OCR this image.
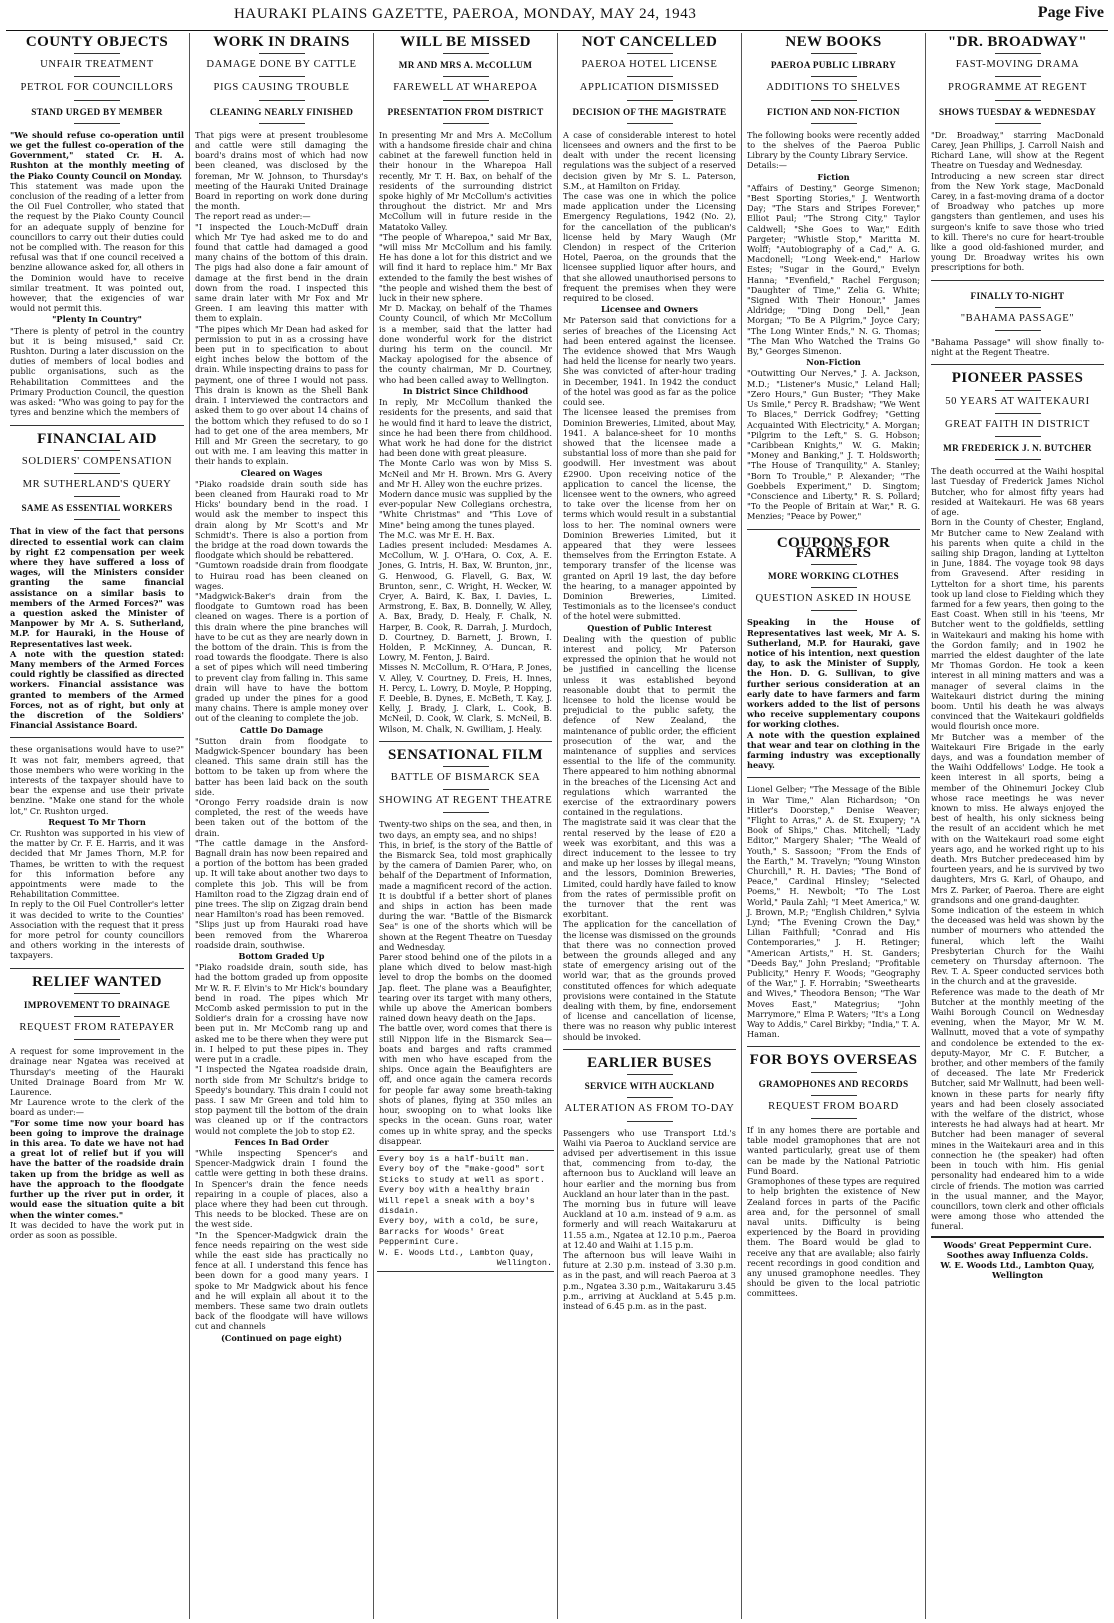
HAURAKI PLAINS GAZETTE, PAEROA, MONDAY, MAY 24, 1943	Page Five
COUNTY OBJECTS
UNFAIR TREATMENT
PETROL FOR COUNCILLORS
STAND URGED BY MEMBER

"We should refuse co-operation until we get the fullest co-operation of the Government," stated Cr. H. A. Rushton at the monthly meeting of the Piako County Council on Monday.

This statement was made upon the conclusion of the reading of a letter from the Oil Fuel Controller, who stated that the request by the Piako County Council for an adequate supply of benzine for councillors to carry out their duties could not be complied with. The reason for this refusal was that if one council received a benzine allowance asked for, all others in the Dominion would have to receive similar treatment. It was pointed out, however, that the exigencies of war would not permit this.

"Plenty In Country"

"There is plenty of petrol in the country but it is being misused," said Cr. Rushton. During a later discussion on the duties of members of local bodies and public organisations, such as the Rehabilitation Committees and the Primary Production Council, the question was asked: "Who was going to pay for the tyres and benzine which the members of

FINANCIAL AID
SOLDIERS' COMPENSATION
MR SUTHERLAND'S QUERY
SAME AS ESSENTIAL WORKERS

That in view of the fact that persons directed to essential work can claim by right £2 compensation per week where they have suffered a loss of wages, will the Ministers consider granting the same financial assistance on a similar basis to members of the Armed Forces?" was a question asked the Minister of Manpower by Mr A. S. Sutherland, M.P. for Hauraki, in the House of Representatives last week.

A note with the question stated: Many members of the Armed Forces could rightly be classified as directed workers. Financial assistance was granted to members of the Armed Forces, not as of right, but only at the discretion of the Soldiers' Financial Assistance Board.

these organisations would have to use?" It was not fair, members agreed, that those members who were working in the interests of the taxpayer should have to bear the expense and use their private benzine. "Make one stand for the whole lot," Cr. Rushton urged.

Request To Mr Thorn

Cr. Rushton was supported in his view of the matter by Cr. F. E. Harris, and it was decided that Mr James Thorn, M.P. for Thames, be written to with the request for this information before any appointments were made to the Rehabilitation Committee.

In reply to the Oil Fuel Controller's letter it was decided to write to the Counties' Association with the request that it press for more petrol for county councillors and others working in the interests of taxpayers.

RELIEF WANTED
IMPROVEMENT TO DRAINAGE
REQUEST FROM RATEPAYER

A request for some improvement in the drainage near Ngatea was received at Thursday's meeting of the Hauraki United Drainage Board from Mr W. Laurence.

Mr Laurence wrote to the clerk of the board as under:—

"For some time now your board has been going to improve the drainage in this area. To date we have not had a great lot of relief but if you will have the batter of the roadside drain taken up from the bridge as well as have the approach to the floodgate further up the river put in order, it would ease the situation quite a bit when the winter comes."

It was decided to have the work put in order as soon as possible.

WORK IN DRAINS
DAMAGE DONE BY CATTLE
PIGS CAUSING TROUBLE
CLEANING NEARLY FINISHED

That pigs were at present troublesome and cattle were still damaging the board's drains most of which had now been cleaned, was disclosed by the foreman, Mr W. Johnson, to Thursday's meeting of the Hauraki United Drainage Board in reporting on work done during the month.

The report read as under:—

"I inspected the Louch-McDuff drain which Mr Tye had asked me to do and found that cattle had damaged a good many chains of the bottom of this drain. The pigs had also done a fair amount of damage at the first bend in the drain down from the road. I inspected this same drain later with Mr Fox and Mr Green. I am leaving this matter with them to explain.

"The pipes which Mr Dean had asked for permission to put in as a crossing have been put in to specification to about eight inches below the bottom of the drain. While inspecting drains to pass for payment, one of three I would not pass. This drain is known as the Shell Bank drain. I interviewed the contractors and asked them to go over about 14 chains of the bottom which they refused to do so I had to get one of the area members, Mr Hill and Mr Green the secretary, to go out with me. I am leaving this matter in their hands to explain.

Cleared on Wages

"Piako roadside drain south side has been cleaned from Hauraki road to Mr Hicks' boundary bend in the road. I would ask the member to inspect this drain along by Mr Scott's and Mr Schmidt's. There is also a portion from the bridge at the road down towards the floodgate which should be rebattered.

"Gumtown roadside drain from floodgate to Huirau road has been cleaned on wages.

"Madgwick-Baker's drain from the floodgate to Gumtown road has been cleaned on wages. There is a portion of this drain where the pine branches will have to be cut as they are nearly down in the bottom of the drain. This is from the road towards the floodgate. There is also a set of pipes which will need timbering to prevent clay from falling in. This same drain will have to have the bottom graded up under the pines for a good many chains. There is ample money over out of the cleaning to complete the job.

Cattle Do Damage

"Sutton drain from floodgate to Madgwick-Spencer boundary has been cleaned. This same drain still has the bottom to be taken up from where the batter has been laid back on the south side.

"Orongo Ferry roadside drain is now completed, the rest of the weeds have been taken out of the bottom of the drain.

"The cattle damage in the Ansford-Bagnall drain has now been repaired and a portion of the bottom has been graded up. It will take about another two days to complete this job. This will be from Hamilton road to the Zigzag drain end of pine trees. The slip on Zigzag drain bend near Hamilton's road has been removed.

"Slips just up from Hauraki road have been removed from the Whareroa roadside drain, southwise.

Bottom Graded Up

"Piako roadside drain, south side, has had the bottom graded up from opposite Mr W. R. F. Elvin's to Mr Hick's boundary bend in road. The pipes which Mr McComb asked permission to put in the Soldier's drain for a crossing have now been put in. Mr McComb rang up and asked me to be there when they were put in. I helped to put these pipes in. They were put in a cradle.

"I inspected the Ngatea roadside drain, north side from Mr Schultz's bridge to Speedy's boundary. This drain I could not pass. I saw Mr Green and told him to stop payment till the bottom of the drain was cleaned up or if the contractors would not complete the job to stop £2.

Fences In Bad Order

"While inspecting Spencer's and Spencer-Madgwick drain I found the cattle were getting in both these drains. In Spencer's drain the fence needs repairing in a couple of places, also a place where they had been cut through. This needs to be blocked. These are on the west side.

"In the Spencer-Madgwick drain the fence needs repairing on the west side while the east side has practically no fence at all. I understand this fence has been down for a good many years. I spoke to Mr Madgwick about his fence and he will explain all about it to the members. These same two drain outlets back of the floodgate will have willows cut and channels

(Continued on page eight)
WILL BE MISSED
MR AND MRS A. McCOLLUM
FAREWELL AT WHAREPOA
PRESENTATION FROM DISTRICT

In presenting Mr and Mrs A. McCollum with a handsome fireside chair and china cabinet at the farewell function held in their honour in the Wharepoa Hall recently, Mr T. H. Bax, on behalf of the residents of the surrounding district spoke highly of Mr McCollum's activities throughout the district. Mr and Mrs McCollum will in future reside in the Matatoko Valley.

"The people of Wharepoa," said Mr Bax, "will miss Mr McCollum and his family. He has done a lot for this district and we will find it hard to replace him." Mr Bax extended to the family the best wishes of "the people and wished them the best of luck in their new sphere.

Mr D. Mackay, on behalf of the Thames County Council, of which Mr McCollum is a member, said that the latter had done wonderful work for the district during his term on the council. Mr Mackay apologised for the absence of the county chairman, Mr D. Courtney, who had been called away to Wellington.

In District Since Childhood

In reply, Mr McCollum thanked the residents for the presents, and said that he would find it hard to leave the district, since he had been there from childhood. What work he had done for the district had been done with great pleasure.

The Monte Carlo was won by Miss S. McNeil and Mr H. Brown. Mrs G. Avery and Mr H. Alley won the euchre prizes.

Modern dance music was supplied by the ever-popular New Collegians orchestra, "White Christmas" and "This Love of Mine" being among the tunes played.

The M.C. was Mr E. H. Bax.

Ladies present included: Mesdames A. McCollum, W. J. O'Hara, O. Cox, A. E. Jones, G. Intris, H. Bax, W. Brunton, jnr., G. Henwood, G. Flavell, G. Bax, W. Brunton, senr., C. Wright, H. Wecker, W. Cryer, A. Baird, K. Bax, I. Davies, L. Armstrong, E. Bax, B. Donnelly, W. Alley, A. Bax, Brady, D. Healy, F. Chalk, N. Harper, B. Cook, R. Darrah, J. Murdoch, D. Courtney, D. Barnett, J. Brown, I. Holden, P. McKinney, A. Duncan, R. Lowry, M. Fenton, J. Baird.

Misses N. McCollum, R. O'Hara, P. Jones, V. Alley, V. Courtney, D. Freis, H. Innes, H. Percy, L. Lowry, D. Moyle, P. Hopping, F. Deeble, B. Dynes, E. McBeth, T. Kay, J. Kelly, J. Brady, J. Clark, L. Cook, B. McNeil, D. Cook, W. Clark, S. McNeil, B. Wilson, M. Chalk, N. Gwilliam, J. Healy.

SENSATIONAL FILM
BATTLE OF BISMARCK SEA
SHOWING AT REGENT THEATRE

Twenty-two ships on the sea, and then, in two days, an empty sea, and no ships!

This, in brief, is the story of the Battle of the Bismarck Sea, told most graphically by the camera of Damien Parer, who, on behalf of the Department of Information, made a magnificent record of the action. It is doubtful if a better short of planes and ships in action has been made during the war. "Battle of the Bismarck Sea" is one of the shorts which will be shown at the Regent Theatre on Tuesday and Wednesday.

Parer stood behind one of the pilots in a plane which dived to below mast-high level to drop the bombs on the doomed Jap. fleet. The plane was a Beaufighter, tearing over its target with many others, while up above the American bombers rained down heavy death on the Japs.

The battle over, word comes that there is still Nippon life in the Bismarck Sea—boats and barges and rafts crammed with men who have escaped from the ships. Once again the Beaufighters are off, and once again the camera records for people far away some breath-taking shots of planes, flying at 350 miles an hour, swooping on to what looks like specks in the ocean. Guns roar, water comes up in white spray, and the specks disappear.

Every boy is a half-built man.
Every boy of the "make-good" sort
Sticks to study at well as sport.
Every boy with a healthy brain
Will repel a sneak with a boy's disdain.
Every boy, with a cold, be sure,
Barracks for Woods' Great Peppermint Cure.
W. E. Woods Ltd., Lambton Quay,
Wellington.
NOT CANCELLED
PAEROA HOTEL LICENSE
APPLICATION DISMISSED
DECISION OF THE MAGISTRATE

A case of considerable interest to hotel licensees and owners and the first to be dealt with under the recent licensing regulations was the subject of a reserved decision given by Mr S. L. Paterson, S.M., at Hamilton on Friday.

The case was one in which the police made application under the Licensing Emergency Regulations, 1942 (No. 2), for the cancellation of the publican's license held by Mary Waugh (Mr Clendon) in respect of the Criterion Hotel, Paeroa, on the grounds that the licensee supplied liquor after hours, and that she allowed unauthorised persons to frequent the premises when they were required to be closed.

Licensee and Owners

Mr Paterson said that convictions for a series of breaches of the Licensing Act had been entered against the licensee. The evidence showed that Mrs Waugh had held the license for nearly two years. She was convicted of after-hour trading in December, 1941. In 1942 the conduct of the hotel was good as far as the police could see.

The licensee leased the premises from Dominion Breweries, Limited, about May, 1941. A balance-sheet for 10 months showed that the licensee made a substantial loss of more than she paid for goodwill. Her investment was about £2900. Upon receiving notice of the application to cancel the license, the licensee went to the owners, who agreed to take over the license from her on terms which would result in a substantial loss to her. The nominal owners were Dominion Breweries Limited, but it appeared that they were lessees themselves from the Errington Estate. A temporary transfer of the license was granted on April 19 last, the day before the hearing, to a manager appointed by Dominion Breweries, Limited. Testimonials as to the licensee's conduct of the hotel were submitted.

Question of Public Interest

Dealing with the question of public interest and policy, Mr Paterson expressed the opinion that he would not be justified in cancelling the license unless it was established beyond reasonable doubt that to permit the licensee to hold the license would be prejudicial to the public safety, the defence of New Zealand, the maintenance of public order, the efficient prosecution of the war, and the maintenance of supplies and services essential to the life of the community. There appeared to him nothing abnormal in the breaches of the Licensing Act and regulations which warranted the exercise of the extraordinary powers contained in the regulations.

The magistrate said it was clear that the rental reserved by the lease of £20 a week was exorbitant, and this was a direct inducement to the lessee to try and make up her losses by illegal means, and the lessors, Dominion Breweries, Limited, could hardly have failed to know from the rates of permissible profit on the turnover that the rent was exorbitant.

The application for the cancellation of the license was dismissed on the grounds that there was no connection proved between the grounds alleged and any state of emergency arising out of the world war, that as the grounds proved constituted offences for which adequate provisions were contained in the Statute dealing with them, by fine, endorsement of license and cancellation of license, there was no reason why public interest should be invoked.

EARLIER BUSES
SERVICE WITH AUCKLAND
ALTERATION AS FROM TO-DAY

Passengers who use Transport Ltd.'s Waihi via Paeroa to Auckland service are advised per advertisement in this issue that, commencing from to-day, the afternoon bus to Auckland will leave an hour earlier and the morning bus from Auckland an hour later than in the past.

The morning bus in future will leave Auckland at 10 a.m. instead of 9 a.m. as formerly and will reach Waitakaruru at 11.55 a.m., Ngatea at 12.10 p.m., Paeroa at 12.40 and Waihi at 1.15 p.m.

The afternoon bus will leave Waihi in future at 2.30 p.m. instead of 3.30 p.m. as in the past, and will reach Paeroa at 3 p.m., Ngatea 3.30 p.m., Waitakaruru 3.45 p.m., arriving at Auckland at 5.45 p.m. instead of 6.45 p.m. as in the past.

NEW BOOKS
PAEROA PUBLIC LIBRARY
ADDITIONS TO SHELVES
FICTION AND NON-FICTION

The following books were recently added to the shelves of the Paeroa Public Library by the County Library Service.

Details:—

Fiction

"Affairs of Destiny," George Simenon; "Best Sporting Stories," J. Wentworth Day; "The Stars and Stripes Forever," Elliot Paul; "The Strong City," Taylor Caldwell; "She Goes to War," Edith Pargeter; "Whistle Stop," Maritta M. Wolff; "Autobiography of a Cad," A. G. Macdonell; "Long Week-end," Harlow Estes; "Sugar in the Gourd," Evelyn Hanna; "Evenfield," Rachel Ferguson; "Daughter of Time," Zelia G. White; "Signed With Their Honour," James Aldridge; "Ding Dong Dell," Jean Morgan; "To Be A Pilgrim," Joyce Cary; "The Long Winter Ends," N. G. Thomas; "The Man Who Watched the Trains Go By," Georges Simenon.

Non-Fiction

"Outwitting Our Nerves," J. A. Jackson, M.D.; "Listener's Music," Leland Hall; "Zero Hours," Gun Buster; "They Make Us Smile," Percy R. Bradshaw; "We Went To Blaces," Derrick Godfrey; "Getting Acquainted With Electricity," A. Morgan; "Pilgrim to the Left," S. G. Hobson; "Caribbean Knights," W. G. Makin; "Money and Banking," J. T. Holdsworth; "The House of Tranquility," A. Stanley; "Born To Trouble," P. Alexander; "The Goebbels Experiment," D. Singtom; "Conscience and Liberty," R. S. Pollard; "To the People of Britain at War," R. G. Menzies; "Peace by Power,"

COUPONS FOR FARMERS
MORE WORKING CLOTHES
QUESTION ASKED IN HOUSE

Speaking in the House of Representatives last week, Mr A. S. Sutherland, M.P. for Hauraki, gave notice of his intention, next question day, to ask the Minister of Supply, the Hon. D. G. Sullivan, to give further serious consideration at an early date to have farmers and farm workers added to the list of persons who receive supplementary coupons for working clothes.

A note with the question explained that wear and tear on clothing in the farming industry was exceptionally heavy.

Lionel Gelber; "The Message of the Bible in War Time," Alan Richardson; "On Hitler's Doorstep," Denise Weaver; "Flight to Arras," A. de St. Exupery; "A Book of Ships," Chas. Mitchell; "Lady Editor," Margery Shaler; "The Weald of Youth," S. Sassoon; "From the Ends of the Earth," M. Travelyn; "Young Winston Churchill," R. H. Davies; "The Bond of Peace," Cardinal Hinsley; "Selected Poems," H. Newbolt; "To The Lost World," Paula Zahl; "I Meet America," W. J. Brown, M.P.; "English Children," Sylvia Lynd; "The Evening Crown the Day," Lilian Faithfull; "Conrad and His Contemporaries," J. H. Retinger; "American Artists," H. St. Ganders; "Deeds Bay," John Presland; "Profitable Publicity," Henry F. Woods; "Geography of the War," J. F. Horrabin; "Sweethearts and Wives," Theodora Benson; "The War Moves East," Mategrius; "John Marrymore," Elma P. Waters; "It's a Long Way to Addis," Carel Birkby; "India," T. A. Haman.

FOR BOYS OVERSEAS
GRAMOPHONES AND RECORDS
REQUEST FROM BOARD

If in any homes there are portable and table model gramophones that are not wanted particularly, great use of them can be made by the National Patriotic Fund Board.

Gramophones of these types are required to help brighten the existence of New Zealand forces in parts of the Pacific area and, for the personnel of small naval units. Difficulty is being experienced by the Board in providing them. The Board would be glad to receive any that are available; also fairly recent recordings in good condition and any unused gramophone needles. They should be given to the local patriotic committees.

"DR. BROADWAY"
FAST-MOVING DRAMA
PROGRAMME AT REGENT
SHOWS TUESDAY & WEDNESDAY

"Dr. Broadway," starring MacDonald Carey, Jean Phillips, J. Carroll Naish and Richard Lane, will show at the Regent Theatre on Tuesday and Wednesday.

Introducing a new screen star direct from the New York stage, MacDonald Carey, in a fast-moving drama of a doctor of Broadway who patches up more gangsters than gentlemen, and uses his surgeon's knife to save those who tried to kill. There's no cure for heart-trouble like a good old-fashioned murder, and young Dr. Broadway writes his own prescriptions for both.

FINALLY TO-NIGHT
"BAHAMA PASSAGE"

"Bahama Passage" will show finally to-night at the Regent Theatre.

PIONEER PASSES
50 YEARS AT WAITEKAURI
GREAT FAITH IN DISTRICT
MR FREDERICK J. N. BUTCHER

The death occurred at the Waihi hospital last Tuesday of Frederick James Nichol Butcher, who for almost fifty years had resided at Waitekauri. He was 68 years of age.

Born in the County of Chester, England, Mr Butcher came to New Zealand with his parents when quite a child in the sailing ship Dragon, landing at Lyttelton in June, 1884. The voyage took 98 days from Gravesend. After residing in Lyttelton for a short time, his parents took up land close to Fielding which they farmed for a few years, then going to the East Coast. When still in his 'teens, Mr Butcher went to the goldfields, settling in Waitekauri and making his home with the Gordon family; and in 1902 he married the eldest daughter of the late Mr Thomas Gordon. He took a keen interest in all mining matters and was a manager of several claims in the Waitekauri district during the mining boom. Until his death he was always convinced that the Waitekauri goldfields would flourish once more.

Mr Butcher was a member of the Waitekauri Fire Brigade in the early days, and was a foundation member of the Waihi Oddfellows' Lodge. He took a keen interest in all sports, being a member of the Ohinemuri Jockey Club whose race meetings he was never known to miss. He always enjoyed the best of health, his only sickness being the result of an accident which he met with on the Waitekauri road some eight years ago, and he worked right up to his death. Mrs Butcher predeceased him by fourteen years, and he is survived by two daughters, Mrs G. Karl, of Ohaupo, and Mrs Z. Parker, of Paeroa. There are eight grandsons and one grand-daughter.

Some indication of the esteem in which the deceased was held was shown by the number of mourners who attended the funeral, which left the Waihi Presbyterian Church for the Waihi cemetery on Thursday afternoon. The Rev. T. A. Speer conducted services both in the church and at the graveside.

Reference was made to the death of Mr Butcher at the monthly meeting of the Waihi Borough Council on Wednesday evening, when the Mayor, Mr W. M. Wallnutt, moved that a vote of sympathy and condolence be extended to the ex-deputy-Mayor, Mr C. F. Butcher, a brother, and other members of the family of deceased. The late Mr Frederick Butcher, said Mr Wallnutt, had been well-known in these parts for nearly fifty years and had been closely associated with the welfare of the district, whose interests he had always had at heart. Mr Butcher had been manager of several mines in the Waitekauri area and in this connection he (the speaker) had often been in touch with him. His genial personality had endeared him to a wide circle of friends. The motion was carried in the usual manner, and the Mayor, councillors, town clerk and other officials were among those who attended the funeral.

Woods' Great Peppermint Cure.
Soothes away Influenza Colds.
W. E. Woods Ltd., Lambton Quay,
Wellington
